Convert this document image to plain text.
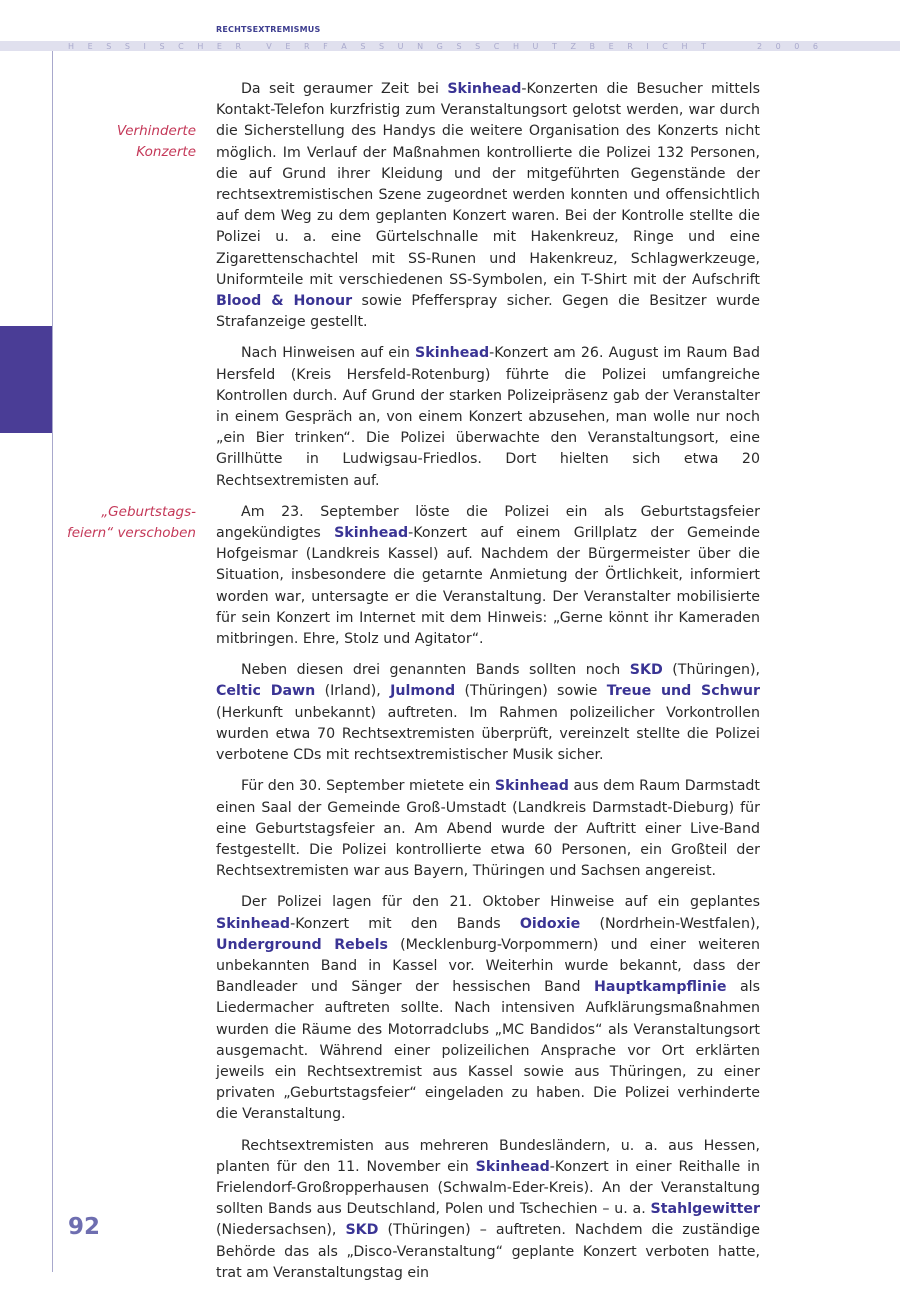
RECHTSEXTREMISMUS
H E S S I S C H E R	V E R F A S S U N G S S C H U T Z B E R I C H T	2 0 0 6
Verhinderte
Konzerte
„Geburtstags-
feiern“ verschoben

Da seit geraumer Zeit bei Skinhead-Konzerten die Besucher mittels Kontakt-Telefon kurzfristig zum Veranstaltungsort gelotst werden, war durch die Sicherstellung des Handys die weitere Organisation des Konzerts nicht möglich. Im Verlauf der Maßnahmen kontrollierte die Polizei 132 Personen, die auf Grund ihrer Kleidung und der mitgeführten Gegenstände der rechtsextremistischen Szene zugeordnet werden konnten und offensichtlich auf dem Weg zu dem geplanten Konzert waren. Bei der Kontrolle stellte die Polizei u. a. eine Gürtelschnalle mit Hakenkreuz, Ringe und eine Zigarettenschachtel mit SS-Runen und Hakenkreuz, Schlagwerkzeuge, Uniformteile mit verschiedenen SS-Symbolen, ein T-Shirt mit der Aufschrift Blood & Honour sowie Pfefferspray sicher. Gegen die Besitzer wurde Strafanzeige gestellt.

Nach Hinweisen auf ein Skinhead-Konzert am 26. August im Raum Bad Hersfeld (Kreis Hersfeld-Rotenburg) führte die Polizei umfangreiche Kontrollen durch. Auf Grund der starken Polizeipräsenz gab der Veranstalter in einem Gespräch an, von einem Konzert abzusehen, man wolle nur noch „ein Bier trinken“. Die Polizei überwachte den Veranstaltungsort, eine Grillhütte in Ludwigsau-Friedlos. Dort hielten sich etwa 20 Rechtsextremisten auf.

Am 23. September löste die Polizei ein als Geburtstagsfeier angekündigtes Skinhead-Konzert auf einem Grillplatz der Gemeinde Hofgeismar (Landkreis Kassel) auf. Nachdem der Bürgermeister über die Situation, insbesondere die getarnte Anmietung der Örtlichkeit, informiert worden war, untersagte er die Veranstaltung. Der Veranstalter mobilisierte für sein Konzert im Internet mit dem Hinweis: „Gerne könnt ihr Kameraden mitbringen. Ehre, Stolz und Agitator“.

Neben diesen drei genannten Bands sollten noch SKD (Thüringen), Celtic Dawn (Irland), Julmond (Thüringen) sowie Treue und Schwur (Herkunft unbekannt) auftreten. Im Rahmen polizeilicher Vorkontrollen wurden etwa 70 Rechtsextremisten überprüft, vereinzelt stellte die Polizei verbotene CDs mit rechtsextremistischer Musik sicher.

Für den 30. September mietete ein Skinhead aus dem Raum Darmstadt einen Saal der Gemeinde Groß-Umstadt (Landkreis Darmstadt-Dieburg) für eine Geburtstagsfeier an. Am Abend wurde der Auftritt einer Live-Band festgestellt. Die Polizei kontrollierte etwa 60 Personen, ein Großteil der Rechtsextremisten war aus Bayern, Thüringen und Sachsen angereist.

Der Polizei lagen für den 21. Oktober Hinweise auf ein geplantes Skinhead-Konzert mit den Bands Oidoxie (Nordrhein-Westfalen), Underground Rebels (Mecklenburg-Vorpommern) und einer weiteren unbekannten Band in Kassel vor. Weiterhin wurde bekannt, dass der Bandleader und Sänger der hessischen Band Hauptkampflinie als Liedermacher auftreten sollte. Nach intensiven Aufklärungsmaßnahmen wurden die Räume des Motorradclubs „MC Bandidos“ als Veranstaltungsort ausgemacht. Während einer polizeilichen Ansprache vor Ort erklärten jeweils ein Rechtsextremist aus Kassel sowie aus Thüringen, zu einer privaten „Geburtstagsfeier“ eingeladen zu haben. Die Polizei verhinderte die Veranstaltung.

Rechtsextremisten aus mehreren Bundesländern, u. a. aus Hessen, planten für den 11. November ein Skinhead-Konzert in einer Reithalle in Frielendorf-Großropperhausen (Schwalm-Eder-Kreis). An der Veranstaltung sollten Bands aus Deutschland, Polen und Tschechien – u. a. Stahlgewitter (Niedersachsen), SKD (Thüringen) – auftreten. Nachdem die zuständige Behörde das als „Disco-Veranstaltung“ geplante Konzert verboten hatte, trat am Veranstaltungstag ein

92
